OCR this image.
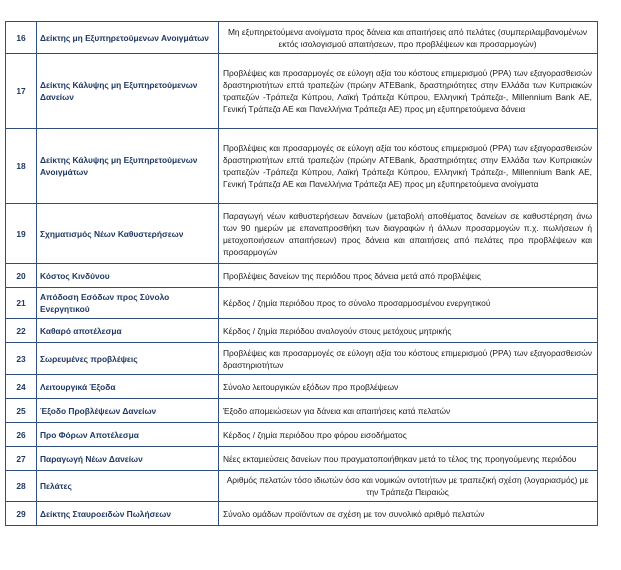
16	Δείκτης μη Εξυπηρετούμενων Ανοιγμάτων	Μη εξυπηρετούμενα ανοίγματα προς δάνεια και απαιτήσεις από πελάτες (συμπεριλαμβανομένων εκτός ισολογισμού απαιτήσεων, προ προβλέψεων και προσαρμογών)
17	Δείκτης Κάλυψης μη Εξυπηρετούμενων Δανείων	Προβλέψεις και προσαρμογές σε εύλογη αξία του κόστους επιμερισμού (PPA) των εξαγορασθεισών δραστηριοτήτων επτά τραπεζών (πρώην ATEBank, δραστηριότητες στην Ελλάδα των Κυπριακών τραπεζών -Τράπεζα Κύπρου, Λαϊκή Τράπεζα Κύπρου, Ελληνική Τράπεζα-, Millennium Bank ΑΕ, Γενική Τράπεζα ΑΕ και Πανελλήνια Τράπεζα ΑΕ) προς μη εξυπηρετούμενα δάνεια
18	Δείκτης Κάλυψης μη Εξυπηρετούμενων Ανοιγμάτων	Προβλέψεις και προσαρμογές σε εύλογη αξία του κόστους επιμερισμού (PPA) των εξαγορασθεισών δραστηριοτήτων επτά τραπεζών (πρώην ATEBank, δραστηριότητες στην Ελλάδα των Κυπριακών τραπεζών -Τράπεζα Κύπρου, Λαϊκή Τράπεζα Κύπρου, Ελληνική Τράπεζα-, Millennium Bank ΑΕ, Γενική Τράπεζα ΑΕ και Πανελλήνια Τράπεζα ΑΕ) προς μη εξυπηρετούμενα ανοίγματα
19	Σχηματισμός Νέων Καθυστερήσεων	Παραγωγή νέων καθυστερήσεων δανείων (μεταβολή αποθέματος δανείων σε καθυστέρηση άνω των 90 ημερών με επαναπροσθήκη των διαγραφών ή άλλων προσαρμογών π.χ. πωλήσεων ή μετοχοποιήσεων απαιτήσεων) προς δάνεια και απαιτήσεις από πελάτες προ προβλέψεων και προσαρμογών
20	Κόστος Κινδύνου	Προβλέψεις δανείων της περιόδου προς δάνεια μετά από προβλέψεις
21	Απόδοση Εσόδων προς Σύνολο Ενεργητικού	Κέρδος / ζημία περιόδου προς το σύνολο προσαρμοσμένου ενεργητικού
22	Καθαρό αποτέλεσμα	Κέρδος / ζημία περιόδου αναλογούν στους μετόχους μητρικής
23	Σωρευμένες προβλέψεις	Προβλέψεις και προσαρμογές σε εύλογη αξία του κόστους επιμερισμού (PPA) των εξαγορασθεισών δραστηριοτήτων
24	Λειτουργικά Έξοδα	Σύνολο λειτουργικών εξόδων προ προβλέψεων
25	Έξοδο Προβλέψεων Δανείων	Έξοδο απομειώσεων για δάνεια και απαιτήσεις κατά πελατών
26	Προ Φόρων Αποτέλεσμα	Κέρδος / ζημία περιόδου προ φόρου εισοδήματος
27	Παραγωγή Νέων Δανείων	Νέες εκταμιεύσεις δανείων που πραγματοποιήθηκαν μετά το τέλος της προηγούμενης περιόδου
28	Πελάτες	Αριθμός πελατών τόσο ιδιωτών όσο και νομικών οντοτήτων με τραπεζική σχέση (λογαριασμός) με την Τράπεζα Πειραιώς
29	Δείκτης Σταυροειδών Πωλήσεων	Σύνολο ομάδων προϊόντων σε σχέση με τον συνολικό αριθμό πελατών
